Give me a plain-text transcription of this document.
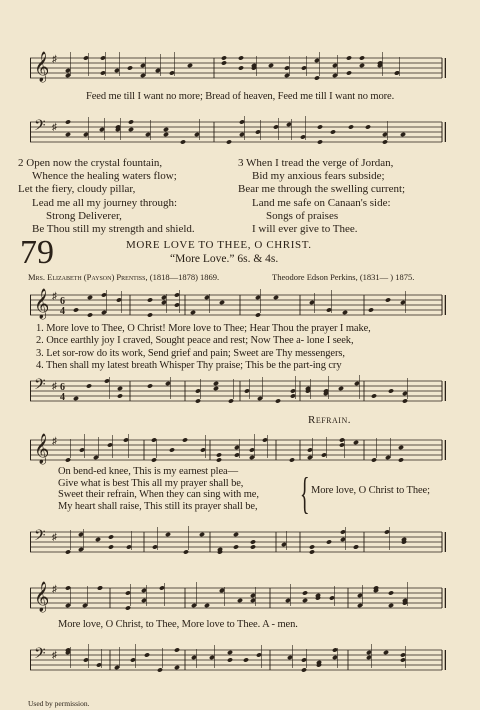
𝄞 ♯
𝄢 ♯
Feed me till I want no more; Bread of heaven, Feed me till I want no more.
2 Open now the crystal fountain,
Whence the healing waters flow;
Let the fiery, cloudy pillar,
Lead me all my journey through:
Strong Deliverer,
Be Thou still my strength and shield.
3 When I tread the verge of Jordan,
Bid my anxious fears subside;
Bear me through the swelling current;
Land me safe on Canaan's side:
Songs of praises
I will ever give to Thee.
79	MORE LOVE TO THEE, O CHRIST.
“More Love.” 6s. & 4s.
Mrs. Elizabeth (Payson) Prentiss, (1818—1878) 1869.	Theodore Edson Perkins, (1831— ) 1875.
𝄞 ♯ 6
4
1. More love to Thee, O Christ! More love to Thee; Hear Thou the prayer I make,
2. Once earthly joy I craved, Sought peace and rest; Now Thee a- lone I seek,
3. Let sor-row do its work, Send grief and pain; Sweet are Thy messengers,
4. Then shall my latest breath Whisper Thy praise; This be the part-ing cry
𝄢 ♯ 6
4
Refrain.
𝄞 ♯
On bend-ed knee, This is my earnest plea—
Give what is best This all my prayer shall be,
Sweet their refrain, When they can sing with me,
My heart shall raise, This still its prayer shall be, { More love, O Christ to Thee;
𝄢 ♯
𝄞 ♯
More love, O Christ, to Thee, More love to Thee. A - men.
𝄢 ♯
Used by permission.
